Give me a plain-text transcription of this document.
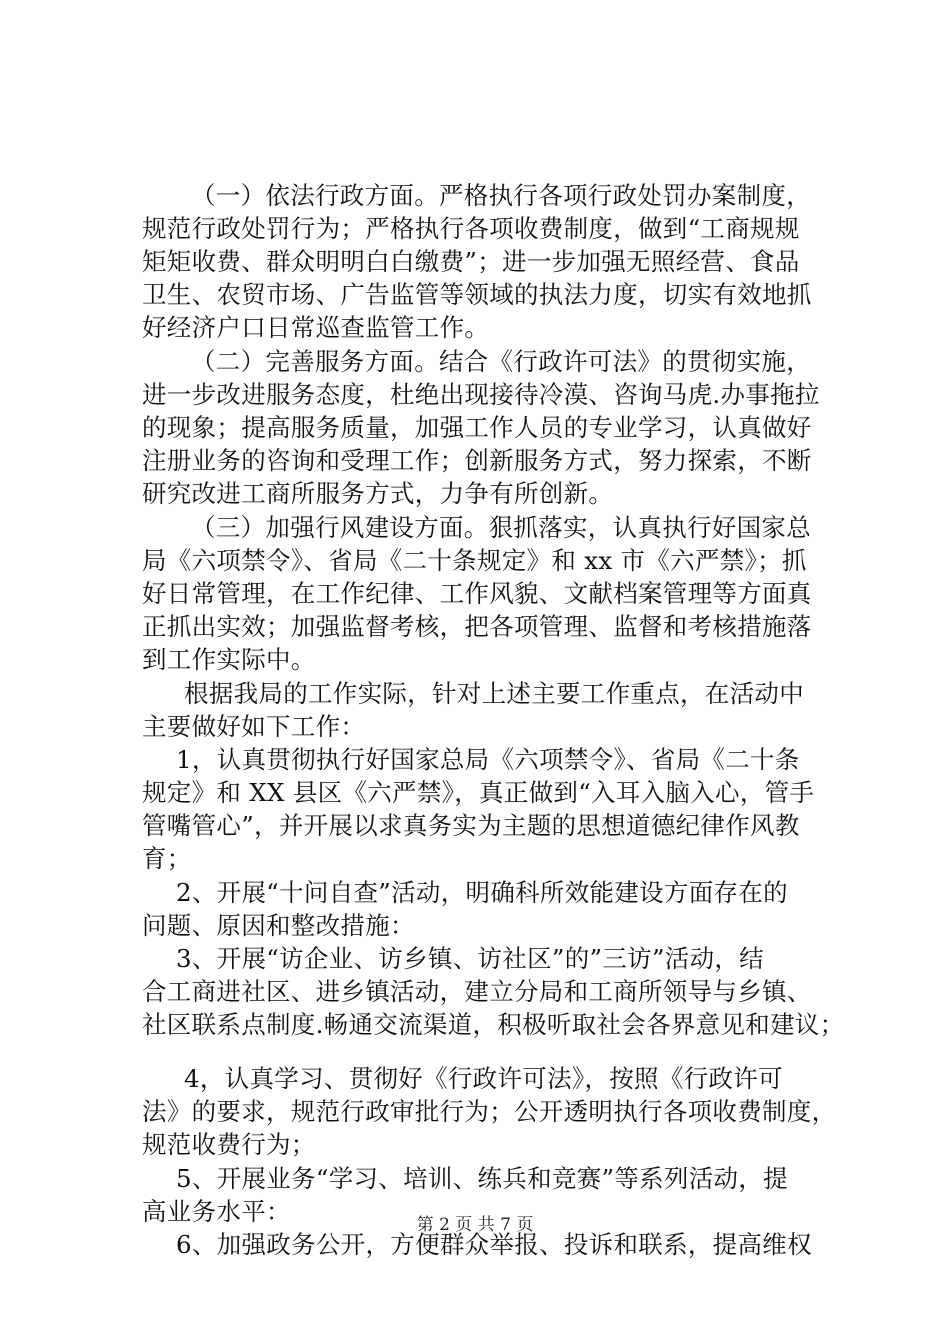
（一）依法行政方面。严格执行各项行政处罚办案制度，
规范行政处罚行为；严格执行各项收费制度，做到“工商规规
矩矩收费、群众明明白白缴费”；进一步加强无照经营、食品
卫生、农贸市场、广告监管等领域的执法力度，切实有效地抓
好经济户口日常巡查监管工作。
（二）完善服务方面。结合《行政许可法》的贯彻实施，
进一步改进服务态度，杜绝出现接待冷漠、咨询马虎.办事拖拉
的现象；提高服务质量，加强工作人员的专业学习，认真做好
注册业务的咨询和受理工作；创新服务方式，努力探索，不断
研究改进工商所服务方式，力争有所创新。
（三）加强行风建设方面。狠抓落实，认真执行好国家总
局《六项禁令》、省局《二十条规定》和 xx 市《六严禁》；抓
好日常管理，在工作纪律、工作风貌、文献档案管理等方面真
正抓出实效；加强监督考核，把各项管理、监督和考核措施落
到工作实际中。
根据我局的工作实际，针对上述主要工作重点，在活动中
主要做好如下工作：
1，认真贯彻执行好国家总局《六项禁令》、省局《二十条
规定》和 XX 县区《六严禁》，真正做到“入耳入脑入心，管手
管嘴管心”，并开展以求真务实为主题的思想道德纪律作风教
育；
2、开展“十问自查”活动，明确科所效能建设方面存在的
问题、原因和整改措施：
3、开展“访企业、访乡镇、访社区”的”三访”活动，结
合工商进社区、进乡镇活动，建立分局和工商所领导与乡镇、
社区联系点制度.畅通交流渠道，积极听取社会各界意见和建议；
4，认真学习、贯彻好《行政许可法》，按照《行政许可
法》的要求，规范行政审批行为；公开透明执行各项收费制度，
规范收费行为；
5、开展业务“学习、培训、练兵和竞赛”等系列活动，提
高业务水平：
6、加强政务公开，方便群众举报、投诉和联系，提高维权
第 2 页 共 7 页
